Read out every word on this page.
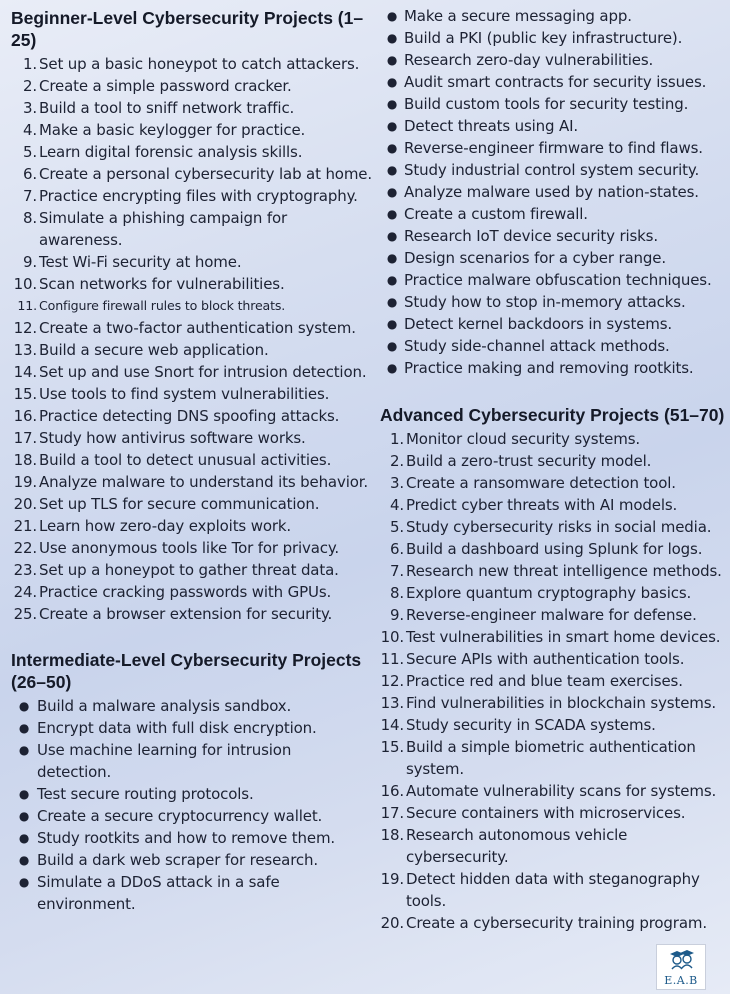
Beginner-Level Cybersecurity Projects (1–25)
1. Set up a basic honeypot to catch attackers.
2. Create a simple password cracker.
3. Build a tool to sniff network traffic.
4. Make a basic keylogger for practice.
5. Learn digital forensic analysis skills.
6. Create a personal cybersecurity lab at home.
7. Practice encrypting files with cryptography.
8. Simulate a phishing campaign for awareness.
9. Test Wi-Fi security at home.
10. Scan networks for vulnerabilities.
11. Configure firewall rules to block threats.
12. Create a two-factor authentication system.
13. Build a secure web application.
14. Set up and use Snort for intrusion detection.
15. Use tools to find system vulnerabilities.
16. Practice detecting DNS spoofing attacks.
17. Study how antivirus software works.
18. Build a tool to detect unusual activities.
19. Analyze malware to understand its behavior.
20. Set up TLS for secure communication.
21. Learn how zero-day exploits work.
22. Use anonymous tools like Tor for privacy.
23. Set up a honeypot to gather threat data.
24. Practice cracking passwords with GPUs.
25. Create a browser extension for security.
Intermediate-Level Cybersecurity Projects (26–50)
● Build a malware analysis sandbox.
● Encrypt data with full disk encryption.
● Use machine learning for intrusion detection.
● Test secure routing protocols.
● Create a secure cryptocurrency wallet.
● Study rootkits and how to remove them.
● Build a dark web scraper for research.
● Simulate a DDoS attack in a safe environment.
● Make a secure messaging app.
● Build a PKI (public key infrastructure).
● Research zero-day vulnerabilities.
● Audit smart contracts for security issues.
● Build custom tools for security testing.
● Detect threats using AI.
● Reverse-engineer firmware to find flaws.
● Study industrial control system security.
● Analyze malware used by nation-states.
● Create a custom firewall.
● Research IoT device security risks.
● Design scenarios for a cyber range.
● Practice malware obfuscation techniques.
● Study how to stop in-memory attacks.
● Detect kernel backdoors in systems.
● Study side-channel attack methods.
● Practice making and removing rootkits.
Advanced Cybersecurity Projects (51–70)
1. Monitor cloud security systems.
2. Build a zero-trust security model.
3. Create a ransomware detection tool.
4. Predict cyber threats with AI models.
5. Study cybersecurity risks in social media.
6. Build a dashboard using Splunk for logs.
7. Research new threat intelligence methods.
8. Explore quantum cryptography basics.
9. Reverse-engineer malware for defense.
10. Test vulnerabilities in smart home devices.
11. Secure APIs with authentication tools.
12. Practice red and blue team exercises.
13. Find vulnerabilities in blockchain systems.
14. Study security in SCADA systems.
15. Build a simple biometric authentication system.
16. Automate vulnerability scans for systems.
17. Secure containers with microservices.
18. Research autonomous vehicle cybersecurity.
19. Detect hidden data with steganography tools.
20. Create a cybersecurity training program.
E.A.B
